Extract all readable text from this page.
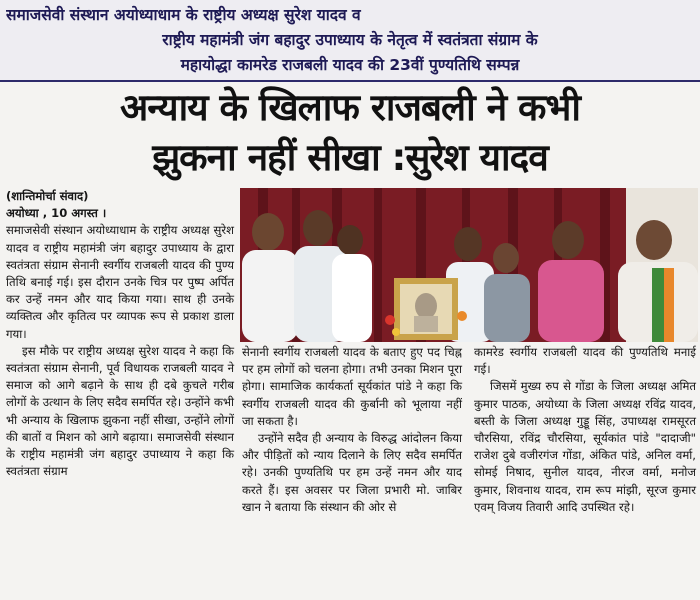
समाजसेवी संस्थान अयोध्याधाम के राष्ट्रीय अध्यक्ष सुरेश यादव व
राष्ट्रीय महामंत्री जंग बहादुर उपाध्याय के नेतृत्व में स्वतंत्रता संग्राम के
महायोद्धा कामरेड राजबली यादव की 23वीं पुण्यतिथि सम्पन्न
अन्याय के खिलाफ राजबली ने कभी
झुकना नहीं सीखा :सुरेश यादव

(शान्तिमोर्चा संवाद)

अयोध्या , 10 अगस्त ।

समाजसेवी संस्थान अयोध्याधाम के राष्ट्रीय अध्यक्ष सुरेश यादव व राष्ट्रीय महामंत्री जंग बहादुर उपाध्याय के द्वारा स्वतंत्रता संग्राम सेनानी स्वर्गीय राजबली यादव की पुण्य तिथि बनाई गई। इस दौरान उनके चित्र पर पुष्प अर्पित कर उन्हें नमन और याद किया गया। साथ ही उनके व्यक्तित्व और कृतित्व पर व्यापक रूप से प्रकाश डाला गया।

इस मौके पर राष्ट्रीय अध्यक्ष सुरेश यादव ने कहा कि स्वतंत्रता संग्राम सेनानी, पूर्व विधायक राजबली यादव ने समाज को आगे बढ़ाने के साथ ही दबे कुचले गरीब लोगों के उत्थान के लिए सदैव समर्पित रहे। उन्होंने कभी भी अन्याय के खिलाफ झुकना नहीं सीखा, उन्होंने लोगों की बातों व मिशन को आगे बढ़ाया। समाजसेवी संस्थान के राष्ट्रीय महामंत्री जंग बहादुर उपाध्याय ने कहा कि स्वतंत्रता संग्राम

सेनानी स्वर्गीय राजबली यादव के बताए हुए पद चिह्न पर हम लोगों को चलना होगा। तभी उनका मिशन पूरा होगा। सामाजिक कार्यकर्ता सूर्यकांत पांडे ने कहा कि स्वर्गीय राजबली यादव की कुर्बानी को भूलाया नहीं जा सकता है।

उन्होंने सदैव ही अन्याय के विरुद्ध आंदोलन किया और पीड़ितों को न्याय दिलाने के लिए सदैव समर्पित रहे। उनकी पुण्यतिथि पर हम उन्हें नमन और याद करते हैं। इस अवसर पर जिला प्रभारी मो. जाबिर खान ने बताया कि संस्थान की ओर से

कामरेड स्वर्गीय राजबली यादव की पुण्यतिथि मनाई गई।

जिसमें मुख्य रुप से गोंडा के जिला अध्यक्ष अमित कुमार पाठक, अयोध्या के जिला अध्यक्ष रविंद्र यादव, बस्ती के जिला अध्यक्ष गुड्डू सिंह, उपाध्यक्ष रामसूरत चौरसिया, रविंद्र चौरसिया, सूर्यकांत पांडे "दादाजी" राजेश दुबे वजीरगंज गोंडा, अंकित पांडे, अनिल वर्मा, सोमई निषाद, सुनील यादव, नीरज वर्मा, मनोज कुमार, शिवनाथ यादव, राम रूप मांझी, सूरज कुमार एवम् विजय तिवारी आदि उपस्थित रहे।
